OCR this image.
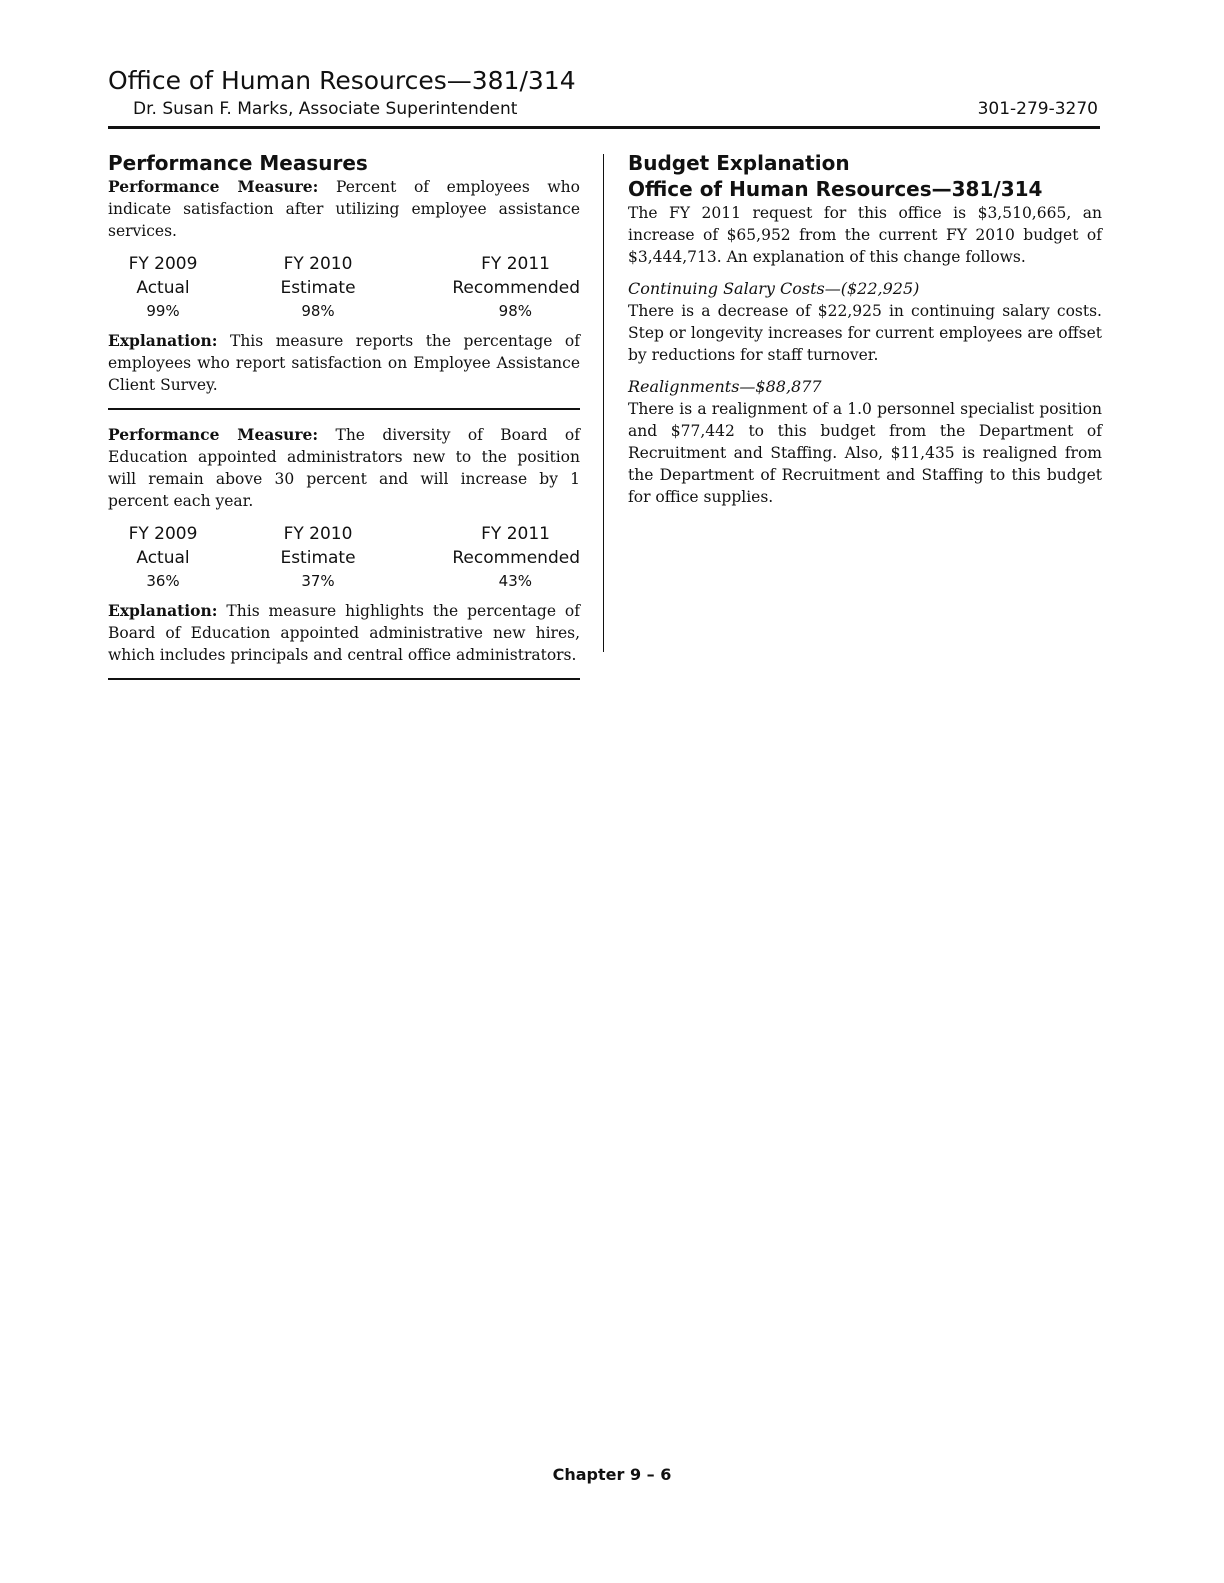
Office of Human Resources—381/314
Dr. Susan F. Marks, Associate Superintendent	301-279-3270
Performance Measures

Performance Measure: Percent of employees who indicate satisfaction after utilizing employee assistance services.

FY 2009	FY 2010	FY 2011
Actual	Estimate	Recommended
99%	98%	98%

Explanation: This measure reports the percentage of employees who report satisfaction on Employee Assistance Client Survey.

Performance Measure: The diversity of Board of Education appointed administrators new to the position will remain above 30 percent and will increase by 1 percent each year.

FY 2009	FY 2010	FY 2011
Actual	Estimate	Recommended
36%	37%	43%

Explanation: This measure highlights the percentage of Board of Education appointed administrative new hires, which includes principals and central office administrators.

Budget Explanation
Office of Human Resources—381/314

The FY 2011 request for this office is $3,510,665, an increase of $65,952 from the current FY 2010 budget of $3,444,713. An explanation of this change follows.

Continuing Salary Costs—($22,925)

There is a decrease of $22,925 in continuing salary costs. Step or longevity increases for current employees are offset by reductions for staff turnover.

Realignments—$88,877

There is a realignment of a 1.0 personnel specialist position and $77,442 to this budget from the Department of Recruitment and Staffing. Also, $11,435 is realigned from the Department of Recruitment and Staffing to this budget for office supplies.

Chapter 9 – 6
